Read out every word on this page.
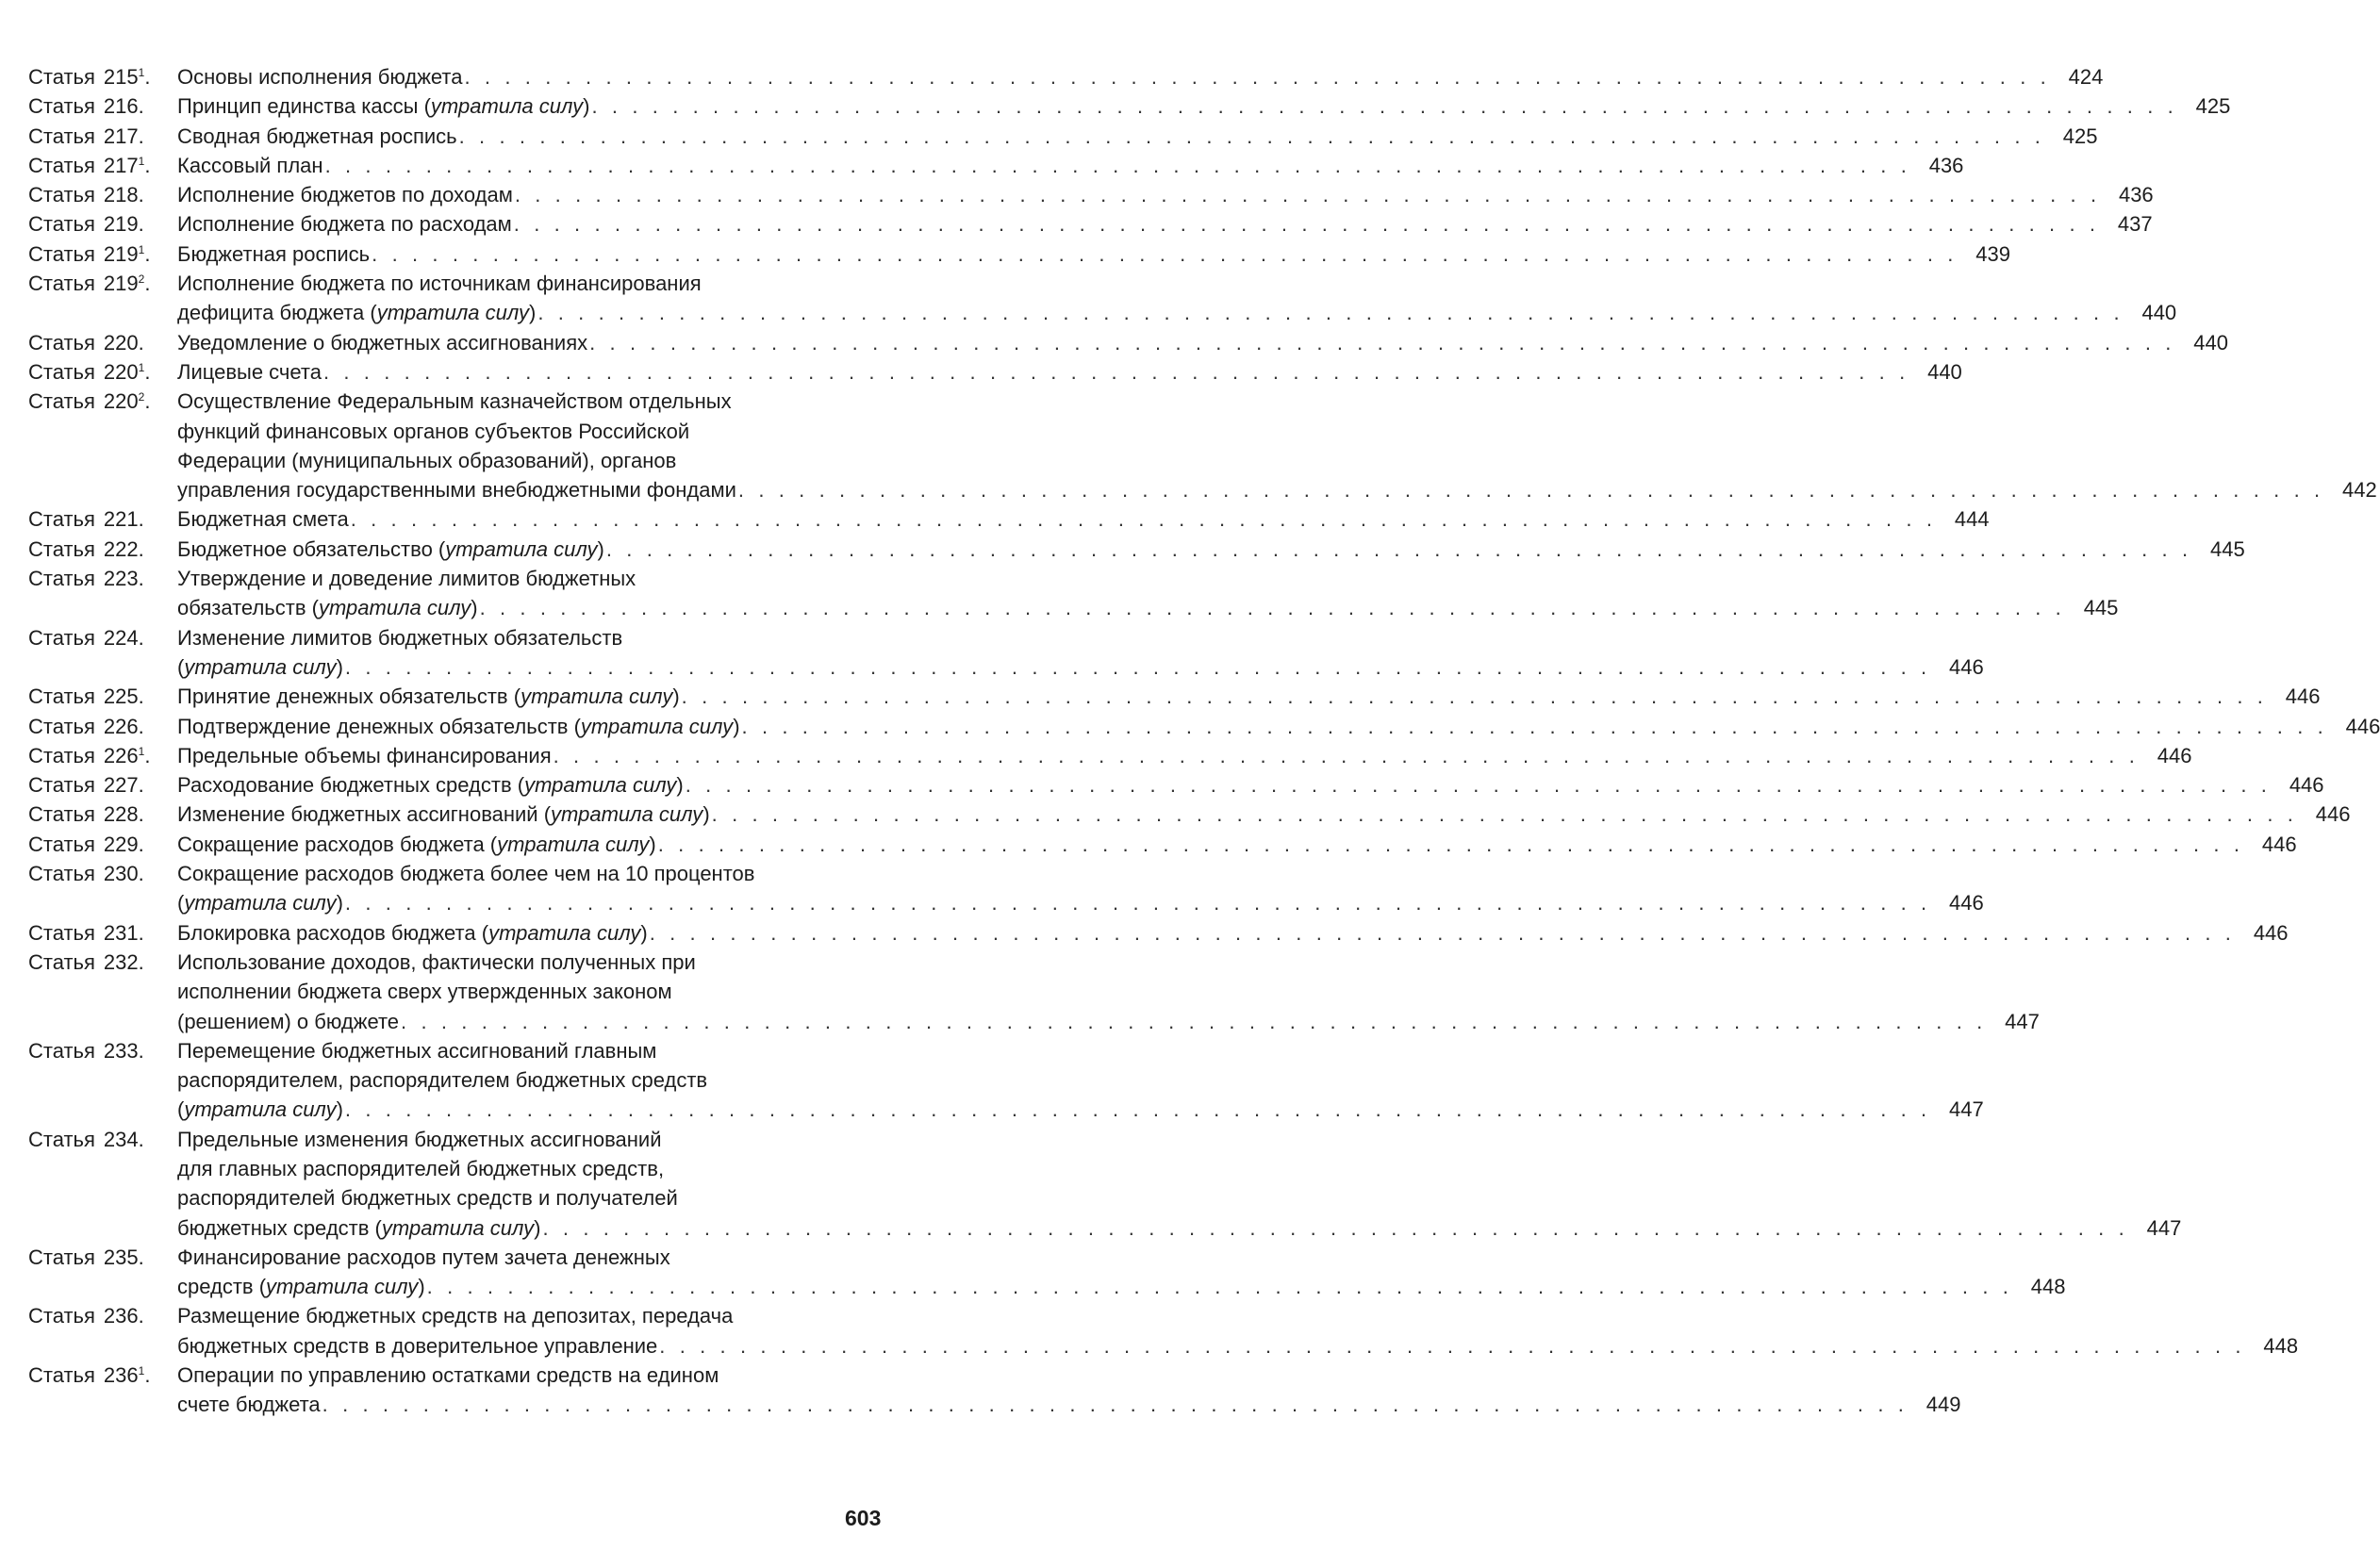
Статья $215^1$.	Основы исполнения бюджета . . . . . . . . . . . . . . . . . . . . . . . . . . . . . . . . . . . . . . . . . . . . . . . . . . . . . . . . . . . . . . . . . . . . . . . . . . . . . . . 424
Статья 216.	Принцип единства кассы (утратила силу) . . . . . . . . . . . . . . . . . . . . . . . . . . . . . . . . . . . . . . . . . . . . . . . . . . . . . . . . . . . . . . . . . . . . . . . . . . . . . . . 425
Статья 217.	Сводная бюджетная роспись . . . . . . . . . . . . . . . . . . . . . . . . . . . . . . . . . . . . . . . . . . . . . . . . . . . . . . . . . . . . . . . . . . . . . . . . . . . . . . . 425
Статья $217^1$.	Кассовый план . . . . . . . . . . . . . . . . . . . . . . . . . . . . . . . . . . . . . . . . . . . . . . . . . . . . . . . . . . . . . . . . . . . . . . . . . . . . . . . 436
Статья 218.	Исполнение бюджетов по доходам . . . . . . . . . . . . . . . . . . . . . . . . . . . . . . . . . . . . . . . . . . . . . . . . . . . . . . . . . . . . . . . . . . . . . . . . . . . . . . . 436
Статья 219.	Исполнение бюджета по расходам . . . . . . . . . . . . . . . . . . . . . . . . . . . . . . . . . . . . . . . . . . . . . . . . . . . . . . . . . . . . . . . . . . . . . . . . . . . . . . . 437
Статья $219^1$.	Бюджетная роспись . . . . . . . . . . . . . . . . . . . . . . . . . . . . . . . . . . . . . . . . . . . . . . . . . . . . . . . . . . . . . . . . . . . . . . . . . . . . . . . 439
Статья $219^2$.	Исполнение бюджета по источникам финансирования
дефицита бюджета (утратила силу) . . . . . . . . . . . . . . . . . . . . . . . . . . . . . . . . . . . . . . . . . . . . . . . . . . . . . . . . . . . . . . . . . . . . . . . . . . . . . . . 440
Статья 220.	Уведомление о бюджетных ассигнованиях . . . . . . . . . . . . . . . . . . . . . . . . . . . . . . . . . . . . . . . . . . . . . . . . . . . . . . . . . . . . . . . . . . . . . . . . . . . . . . . 440
Статья $220^1$.	Лицевые счета . . . . . . . . . . . . . . . . . . . . . . . . . . . . . . . . . . . . . . . . . . . . . . . . . . . . . . . . . . . . . . . . . . . . . . . . . . . . . . . 440
Статья $220^2$.	Осуществление Федеральным казначейством отдельных
функций финансовых органов субъектов Российской
Федерации (муниципальных образований), органов
управления государственными внебюджетными фондами . . . . . . . . . . . . . . . . . . . . . . . . . . . . . . . . . . . . . . . . . . . . . . . . . . . . . . . . . . . . . . . . . . . . . . . . . . . . . . . 442
Статья 221.	Бюджетная смета . . . . . . . . . . . . . . . . . . . . . . . . . . . . . . . . . . . . . . . . . . . . . . . . . . . . . . . . . . . . . . . . . . . . . . . . . . . . . . . 444
Статья 222.	Бюджетное обязательство (утратила силу) . . . . . . . . . . . . . . . . . . . . . . . . . . . . . . . . . . . . . . . . . . . . . . . . . . . . . . . . . . . . . . . . . . . . . . . . . . . . . . . 445
Статья 223.	Утверждение и доведение лимитов бюджетных
обязательств (утратила силу) . . . . . . . . . . . . . . . . . . . . . . . . . . . . . . . . . . . . . . . . . . . . . . . . . . . . . . . . . . . . . . . . . . . . . . . . . . . . . . . 445
Статья 224.	Изменение лимитов бюджетных обязательств
(утратила силу) . . . . . . . . . . . . . . . . . . . . . . . . . . . . . . . . . . . . . . . . . . . . . . . . . . . . . . . . . . . . . . . . . . . . . . . . . . . . . . . 446
Статья 225.	Принятие денежных обязательств (утратила силу) . . . . . . . . . . . . . . . . . . . . . . . . . . . . . . . . . . . . . . . . . . . . . . . . . . . . . . . . . . . . . . . . . . . . . . . . . . . . . . . 446
Статья 226.	Подтверждение денежных обязательств (утратила силу) . . . . . . . . . . . . . . . . . . . . . . . . . . . . . . . . . . . . . . . . . . . . . . . . . . . . . . . . . . . . . . . . . . . . . . . . . . . . . . . 446
Статья $226^1$.	Предельные объемы финансирования . . . . . . . . . . . . . . . . . . . . . . . . . . . . . . . . . . . . . . . . . . . . . . . . . . . . . . . . . . . . . . . . . . . . . . . . . . . . . . . 446
Статья 227.	Расходование бюджетных средств (утратила силу) . . . . . . . . . . . . . . . . . . . . . . . . . . . . . . . . . . . . . . . . . . . . . . . . . . . . . . . . . . . . . . . . . . . . . . . . . . . . . . . 446
Статья 228.	Изменение бюджетных ассигнований (утратила силу) . . . . . . . . . . . . . . . . . . . . . . . . . . . . . . . . . . . . . . . . . . . . . . . . . . . . . . . . . . . . . . . . . . . . . . . . . . . . . . . 446
Статья 229.	Сокращение расходов бюджета (утратила силу) . . . . . . . . . . . . . . . . . . . . . . . . . . . . . . . . . . . . . . . . . . . . . . . . . . . . . . . . . . . . . . . . . . . . . . . . . . . . . . . 446
Статья 230.	Сокращение расходов бюджета более чем на 10 процентов
(утратила силу) . . . . . . . . . . . . . . . . . . . . . . . . . . . . . . . . . . . . . . . . . . . . . . . . . . . . . . . . . . . . . . . . . . . . . . . . . . . . . . . 446
Статья 231.	Блокировка расходов бюджета (утратила силу) . . . . . . . . . . . . . . . . . . . . . . . . . . . . . . . . . . . . . . . . . . . . . . . . . . . . . . . . . . . . . . . . . . . . . . . . . . . . . . . 446
Статья 232.	Использование доходов, фактически полученных при
исполнении бюджета сверх утвержденных законом
(решением) о бюджете . . . . . . . . . . . . . . . . . . . . . . . . . . . . . . . . . . . . . . . . . . . . . . . . . . . . . . . . . . . . . . . . . . . . . . . . . . . . . . . 447
Статья 233.	Перемещение бюджетных ассигнований главным
распорядителем, распорядителем бюджетных средств
(утратила силу) . . . . . . . . . . . . . . . . . . . . . . . . . . . . . . . . . . . . . . . . . . . . . . . . . . . . . . . . . . . . . . . . . . . . . . . . . . . . . . . 447
Статья 234.	Предельные изменения бюджетных ассигнований
для главных распорядителей бюджетных средств,
распорядителей бюджетных средств и получателей
бюджетных средств (утратила силу) . . . . . . . . . . . . . . . . . . . . . . . . . . . . . . . . . . . . . . . . . . . . . . . . . . . . . . . . . . . . . . . . . . . . . . . . . . . . . . . 447
Статья 235.	Финансирование расходов путем зачета денежных
средств (утратила силу) . . . . . . . . . . . . . . . . . . . . . . . . . . . . . . . . . . . . . . . . . . . . . . . . . . . . . . . . . . . . . . . . . . . . . . . . . . . . . . . 448
Статья 236.	Размещение бюджетных средств на депозитах, передача
бюджетных средств в доверительное управление . . . . . . . . . . . . . . . . . . . . . . . . . . . . . . . . . . . . . . . . . . . . . . . . . . . . . . . . . . . . . . . . . . . . . . . . . . . . . . . 448
Статья $236^1$.	Операции по управлению остатками средств на едином
счете бюджета . . . . . . . . . . . . . . . . . . . . . . . . . . . . . . . . . . . . . . . . . . . . . . . . . . . . . . . . . . . . . . . . . . . . . . . . . . . . . . . 449
603
